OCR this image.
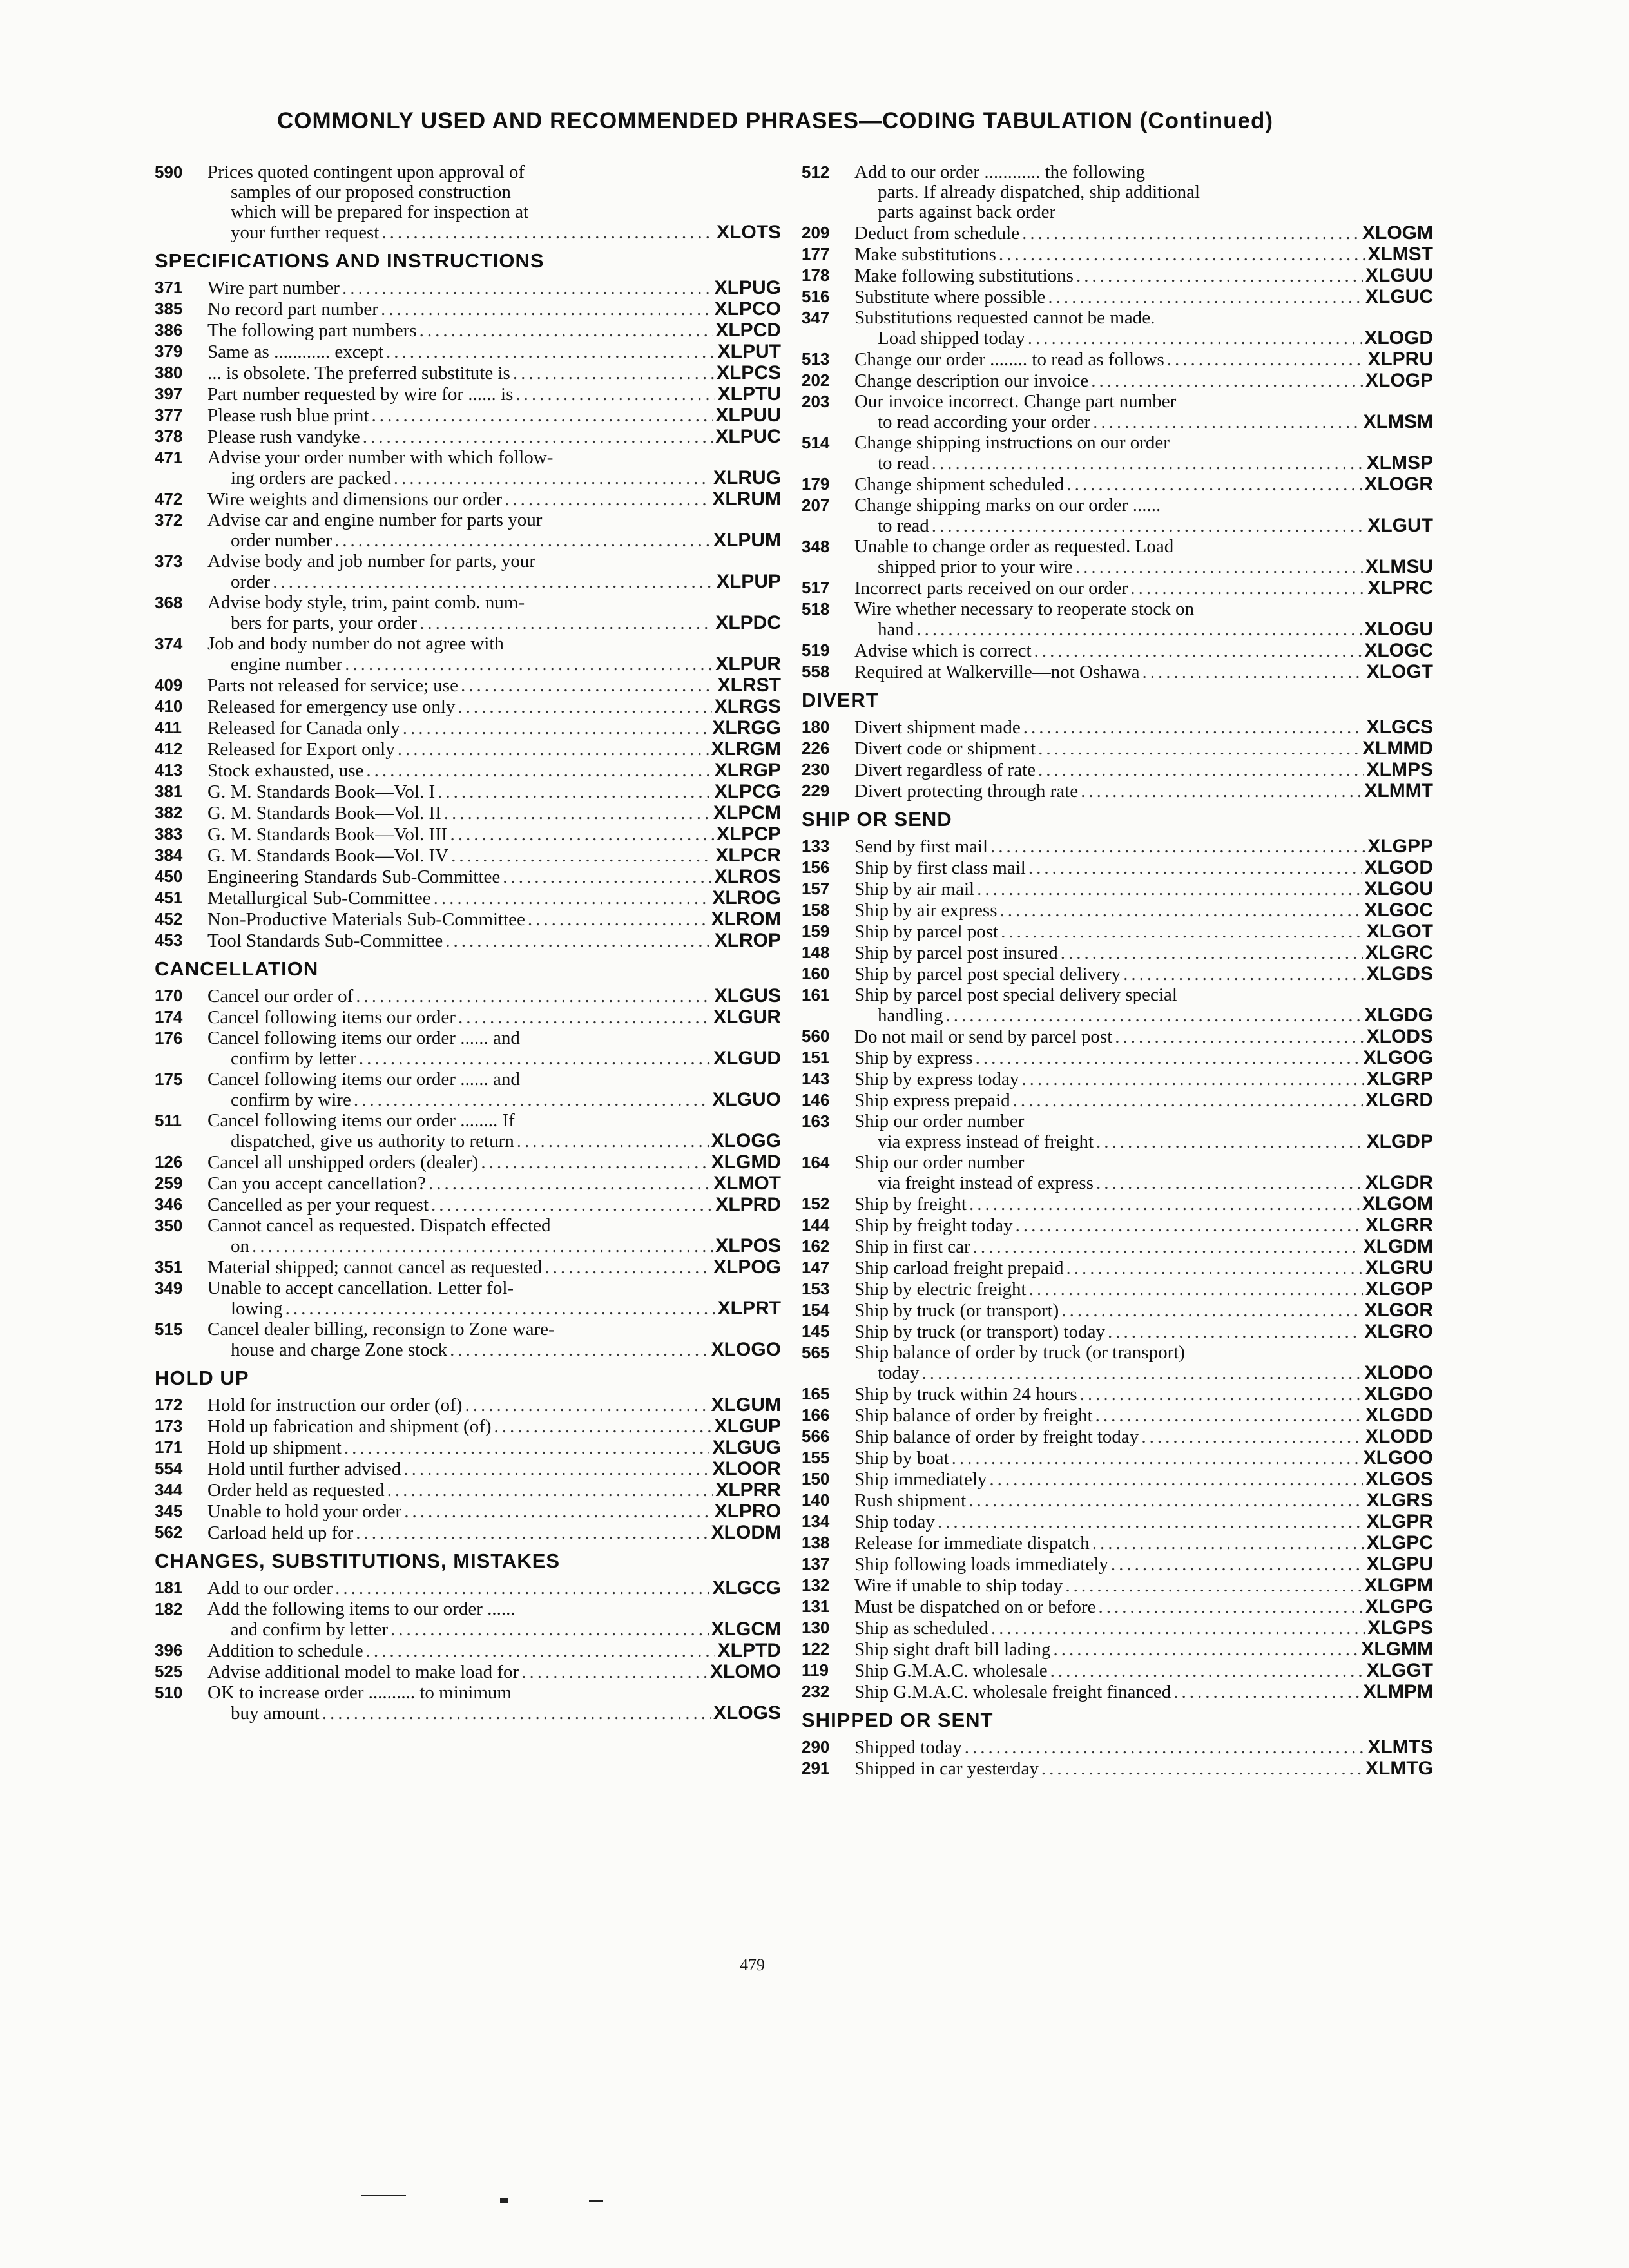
COMMONLY USED AND RECOMMENDED PHRASES—CODING TABULATION (Continued)
590	Prices quoted contingent upon approval of
samples of our proposed construction
which will be prepared for inspection at
your further request .....	XLOTS
SPECIFICATIONS AND INSTRUCTIONS
371	Wire part number .....	XLPUG
385	No record part number .....	XLPCO
386	The following part numbers .....	XLPCD
379	Same as ............ except .....	XLPUT
380	... is obsolete. The preferred substitute is .....	XLPCS
397	Part number requested by wire for ...... is .....	XLPTU
377	Please rush blue print .....	XLPUU
378	Please rush vandyke .....	XLPUC
471	Advise your order number with which follow-
ing orders are packed .....	XLRUG
472	Wire weights and dimensions our order .....	XLRUM
372	Advise car and engine number for parts your
order number .....	XLPUM
373	Advise body and job number for parts, your
order .....	XLPUP
368	Advise body style, trim, paint comb. num-
bers for parts, your order .....	XLPDC
374	Job and body number do not agree with
engine number .....	XLPUR
409	Parts not released for service; use .....	XLRST
410	Released for emergency use only .....	XLRGS
411	Released for Canada only .....	XLRGG
412	Released for Export only .....	XLRGM
413	Stock exhausted, use .....	XLRGP
381	G. M. Standards Book—Vol. I .....	XLPCG
382	G. M. Standards Book—Vol. II .....	XLPCM
383	G. M. Standards Book—Vol. III .....	XLPCP
384	G. M. Standards Book—Vol. IV .....	XLPCR
450	Engineering Standards Sub-Committee .....	XLROS
451	Metallurgical Sub-Committee .....	XLROG
452	Non-Productive Materials Sub-Committee .....	XLROM
453	Tool Standards Sub-Committee .....	XLROP
CANCELLATION
170	Cancel our order of .....	XLGUS
174	Cancel following items our order .....	XLGUR
176	Cancel following items our order ...... and
confirm by letter .....	XLGUD
175	Cancel following items our order ...... and
confirm by wire .....	XLGUO
511	Cancel following items our order ........ If
dispatched, give us authority to return .....	XLOGG
126	Cancel all unshipped orders (dealer) .....	XLGMD
259	Can you accept cancellation? .....	XLMOT
346	Cancelled as per your request .....	XLPRD
350	Cannot cancel as requested. Dispatch effected
on .....	XLPOS
351	Material shipped; cannot cancel as requested .....	XLPOG
349	Unable to accept cancellation. Letter fol-
lowing .....	XLPRT
515	Cancel dealer billing, reconsign to Zone ware-
house and charge Zone stock .....	XLOGO
HOLD UP
172	Hold for instruction our order (of) .....	XLGUM
173	Hold up fabrication and shipment (of) .....	XLGUP
171	Hold up shipment .....	XLGUG
554	Hold until further advised .....	XLOOR
344	Order held as requested .....	XLPRR
345	Unable to hold your order .....	XLPRO
562	Carload held up for .....	XLODM
CHANGES, SUBSTITUTIONS, MISTAKES
181	Add to our order .....	XLGCG
182	Add the following items to our order ......
and confirm by letter .....	XLGCM
396	Addition to schedule .....	XLPTD
525	Advise additional model to make load for .....	XLOMO
510	OK to increase order .......... to minimum
buy amount .....	XLOGS
512	Add to our order ............ the following
parts. If already dispatched, ship additional
parts against back order
209	Deduct from schedule .....	XLOGM
177	Make substitutions .....	XLMST
178	Make following substitutions .....	XLGUU
516	Substitute where possible .....	XLGUC
347	Substitutions requested cannot be made.
Load shipped today .....	XLOGD
513	Change our order ........ to read as follows .....	XLPRU
202	Change description our invoice .....	XLOGP
203	Our invoice incorrect. Change part number
to read according your order .....	XLMSM
514	Change shipping instructions on our order
to read .....	XLMSP
179	Change shipment scheduled .....	XLOGR
207	Change shipping marks on our order ......
to read .....	XLGUT
348	Unable to change order as requested. Load
shipped prior to your wire .....	XLMSU
517	Incorrect parts received on our order .....	XLPRC
518	Wire whether necessary to reoperate stock on
hand .....	XLOGU
519	Advise which is correct .....	XLOGC
558	Required at Walkerville—not Oshawa .....	XLOGT
DIVERT
180	Divert shipment made .....	XLGCS
226	Divert code or shipment .....	XLMMD
230	Divert regardless of rate .....	XLMPS
229	Divert protecting through rate .....	XLMMT
SHIP OR SEND
133	Send by first mail .....	XLGPP
156	Ship by first class mail .....	XLGOD
157	Ship by air mail .....	XLGOU
158	Ship by air express .....	XLGOC
159	Ship by parcel post .....	XLGOT
148	Ship by parcel post insured .....	XLGRC
160	Ship by parcel post special delivery .....	XLGDS
161	Ship by parcel post special delivery special
handling .....	XLGDG
560	Do not mail or send by parcel post .....	XLODS
151	Ship by express .....	XLGOG
143	Ship by express today .....	XLGRP
146	Ship express prepaid .....	XLGRD
163	Ship our order number
via express instead of freight .....	XLGDP
164	Ship our order number
via freight instead of express .....	XLGDR
152	Ship by freight .....	XLGOM
144	Ship by freight today .....	XLGRR
162	Ship in first car .....	XLGDM
147	Ship carload freight prepaid .....	XLGRU
153	Ship by electric freight .....	XLGOP
154	Ship by truck (or transport) .....	XLGOR
145	Ship by truck (or transport) today .....	XLGRO
565	Ship balance of order by truck (or transport)
today .....	XLODO
165	Ship by truck within 24 hours .....	XLGDO
166	Ship balance of order by freight .....	XLGDD
566	Ship balance of order by freight today .....	XLODD
155	Ship by boat .....	XLGOO
150	Ship immediately .....	XLGOS
140	Rush shipment .....	XLGRS
134	Ship today .....	XLGPR
138	Release for immediate dispatch .....	XLGPC
137	Ship following loads immediately .....	XLGPU
132	Wire if unable to ship today .....	XLGPM
131	Must be dispatched on or before .....	XLGPG
130	Ship as scheduled .....	XLGPS
122	Ship sight draft bill lading .....	XLGMM
119	Ship G.M.A.C. wholesale .....	XLGGT
232	Ship G.M.A.C. wholesale freight financed .....	XLMPM
SHIPPED OR SENT
290	Shipped today .....	XLMTS
291	Shipped in car yesterday .....	XLMTG
479
